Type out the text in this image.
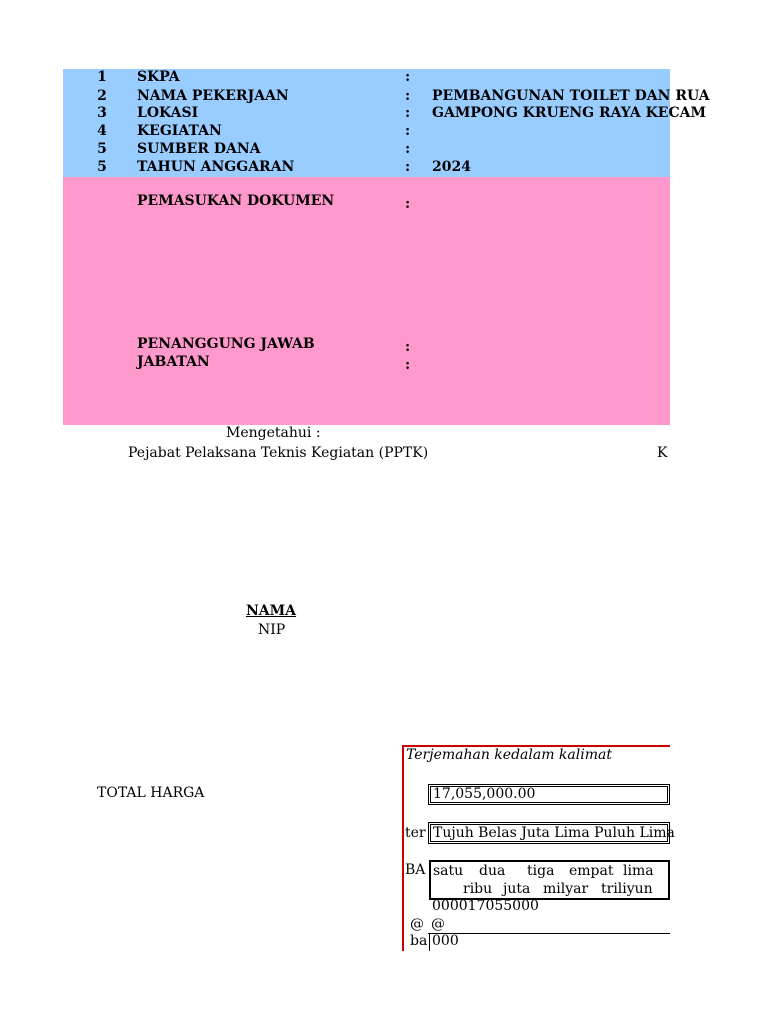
1 SKPA	:
2 NAMA PEKERJAAN	: PEMBANGUNAN TOILET DAN RUA
3 LOKASI	: GAMPONG KRUENG RAYA KECAM
4 KEGIATAN	:
5 SUMBER DANA	:
5 TAHUN ANGGARAN	: 2024
PEMASUKAN DOKUMEN	:
PENANGGUNG JAWAB	:
JABATAN	:
Mengetahui :
Pejabat Pelaksana Teknis Kegiatan (PPTK)	K
NAMA
NIP
TOTAL HARGA
Terjemahan kedalam kalimat
17,055,000.00
ter Tujuh Belas Juta Lima Puluh Lima
BA satu dua tiga empat lima
ribu juta milyar triliyun
000017055000
@ @
ba 000
